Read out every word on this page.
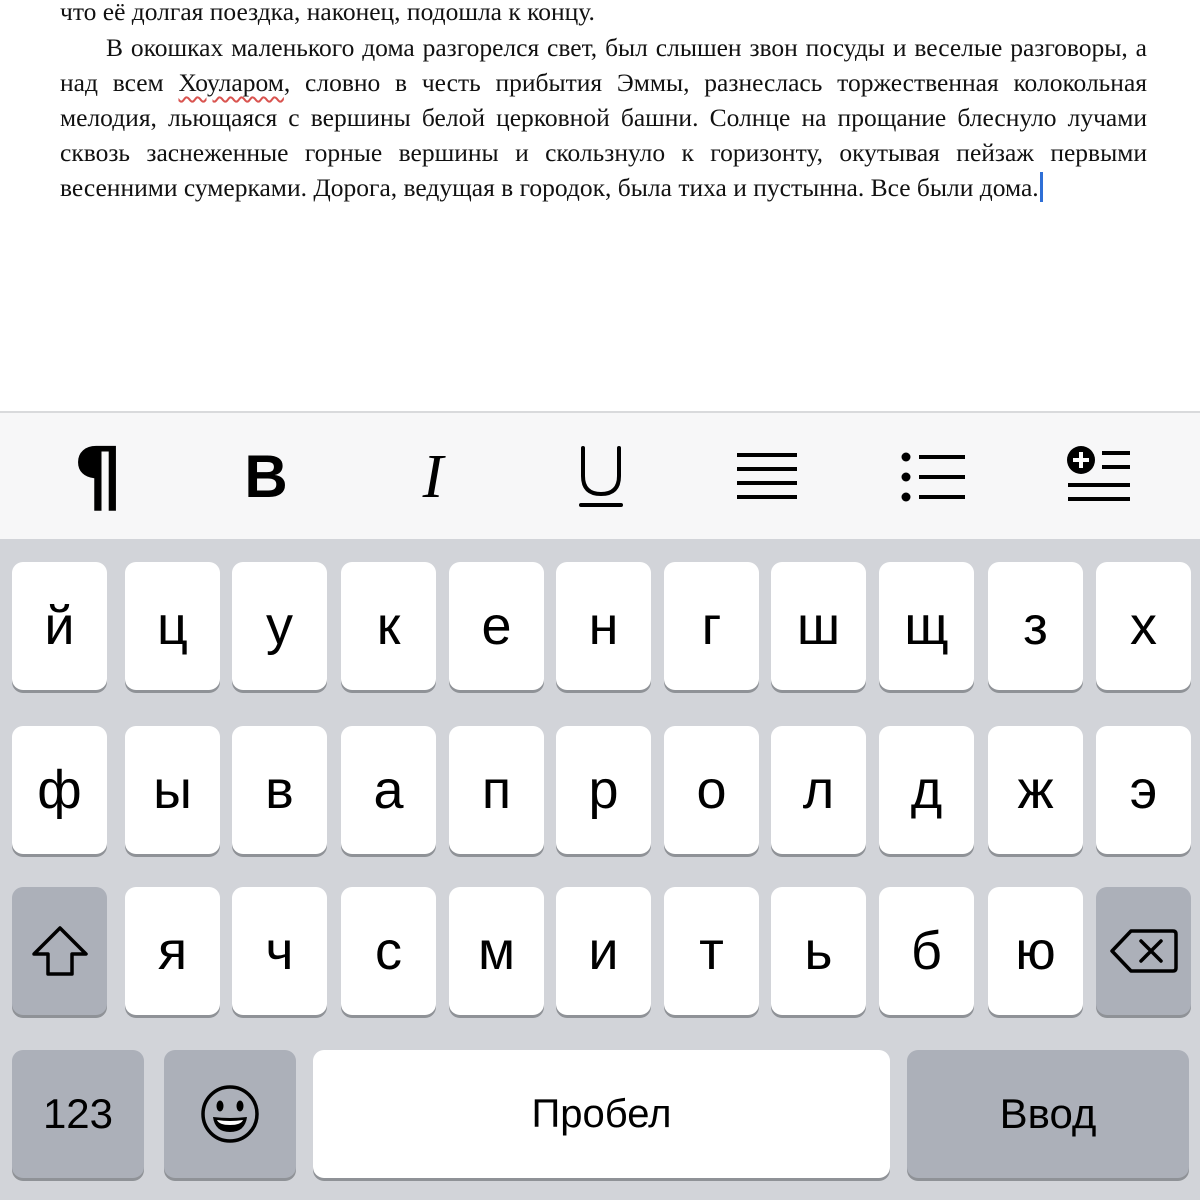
что её долгая поездка, наконец, подошла к концу.

В окошках маленького дома разгорелся свет, был слышен звон посуды и веселые разговоры, а над всем Хоуларом, словно в честь прибытия Эммы, разнеслась торжественная колокольная мелодия, льющаяся с вершины белой церковной башни. Солнце на прощание блеснуло лучами сквозь заснеженные горные вершины и скользнуло к горизонту, окутывая пейзаж первыми весенними сумерками. Дорога, ведущая в городок, была тиха и пустынна. Все были дома.

¶ B I
й	ц	у	к	е	н	г	ш	щ	з	х
ф	ы	в	а	п	р	о	л	д	ж	э
я	ч	с	м	и	т	ь	б	ю
123	Пробел	Ввод
